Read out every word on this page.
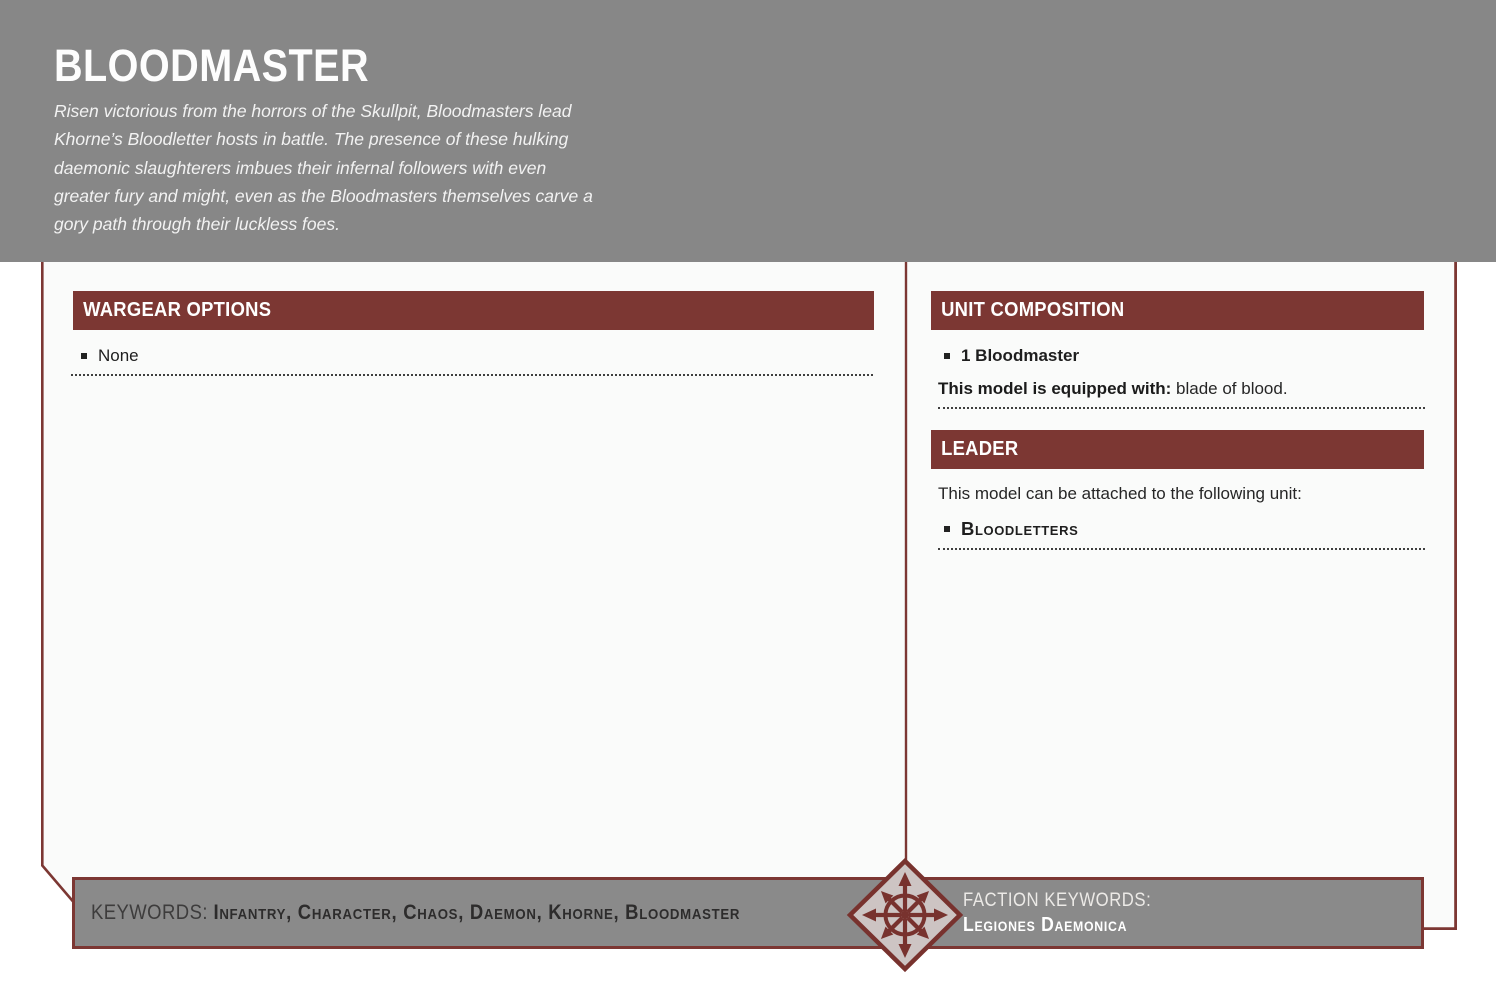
BLOODMASTER
Risen victorious from the horrors of the Skullpit, Bloodmasters lead
Khorne’s Bloodletter hosts in battle. The presence of these hulking
daemonic slaughterers imbues their infernal followers with even
greater fury and might, even as the Bloodmasters themselves carve a
gory path through their luckless foes.
WARGEAR OPTIONS
None
UNIT COMPOSITION
1 Bloodmaster
This model is equipped with: blade of blood.
LEADER
This model can be attached to the following unit:
Bloodletters
KEYWORDS: Infantry, Character, Chaos, Daemon, Khorne, Bloodmaster
FACTION KEYWORDS:
Legiones Daemonica
